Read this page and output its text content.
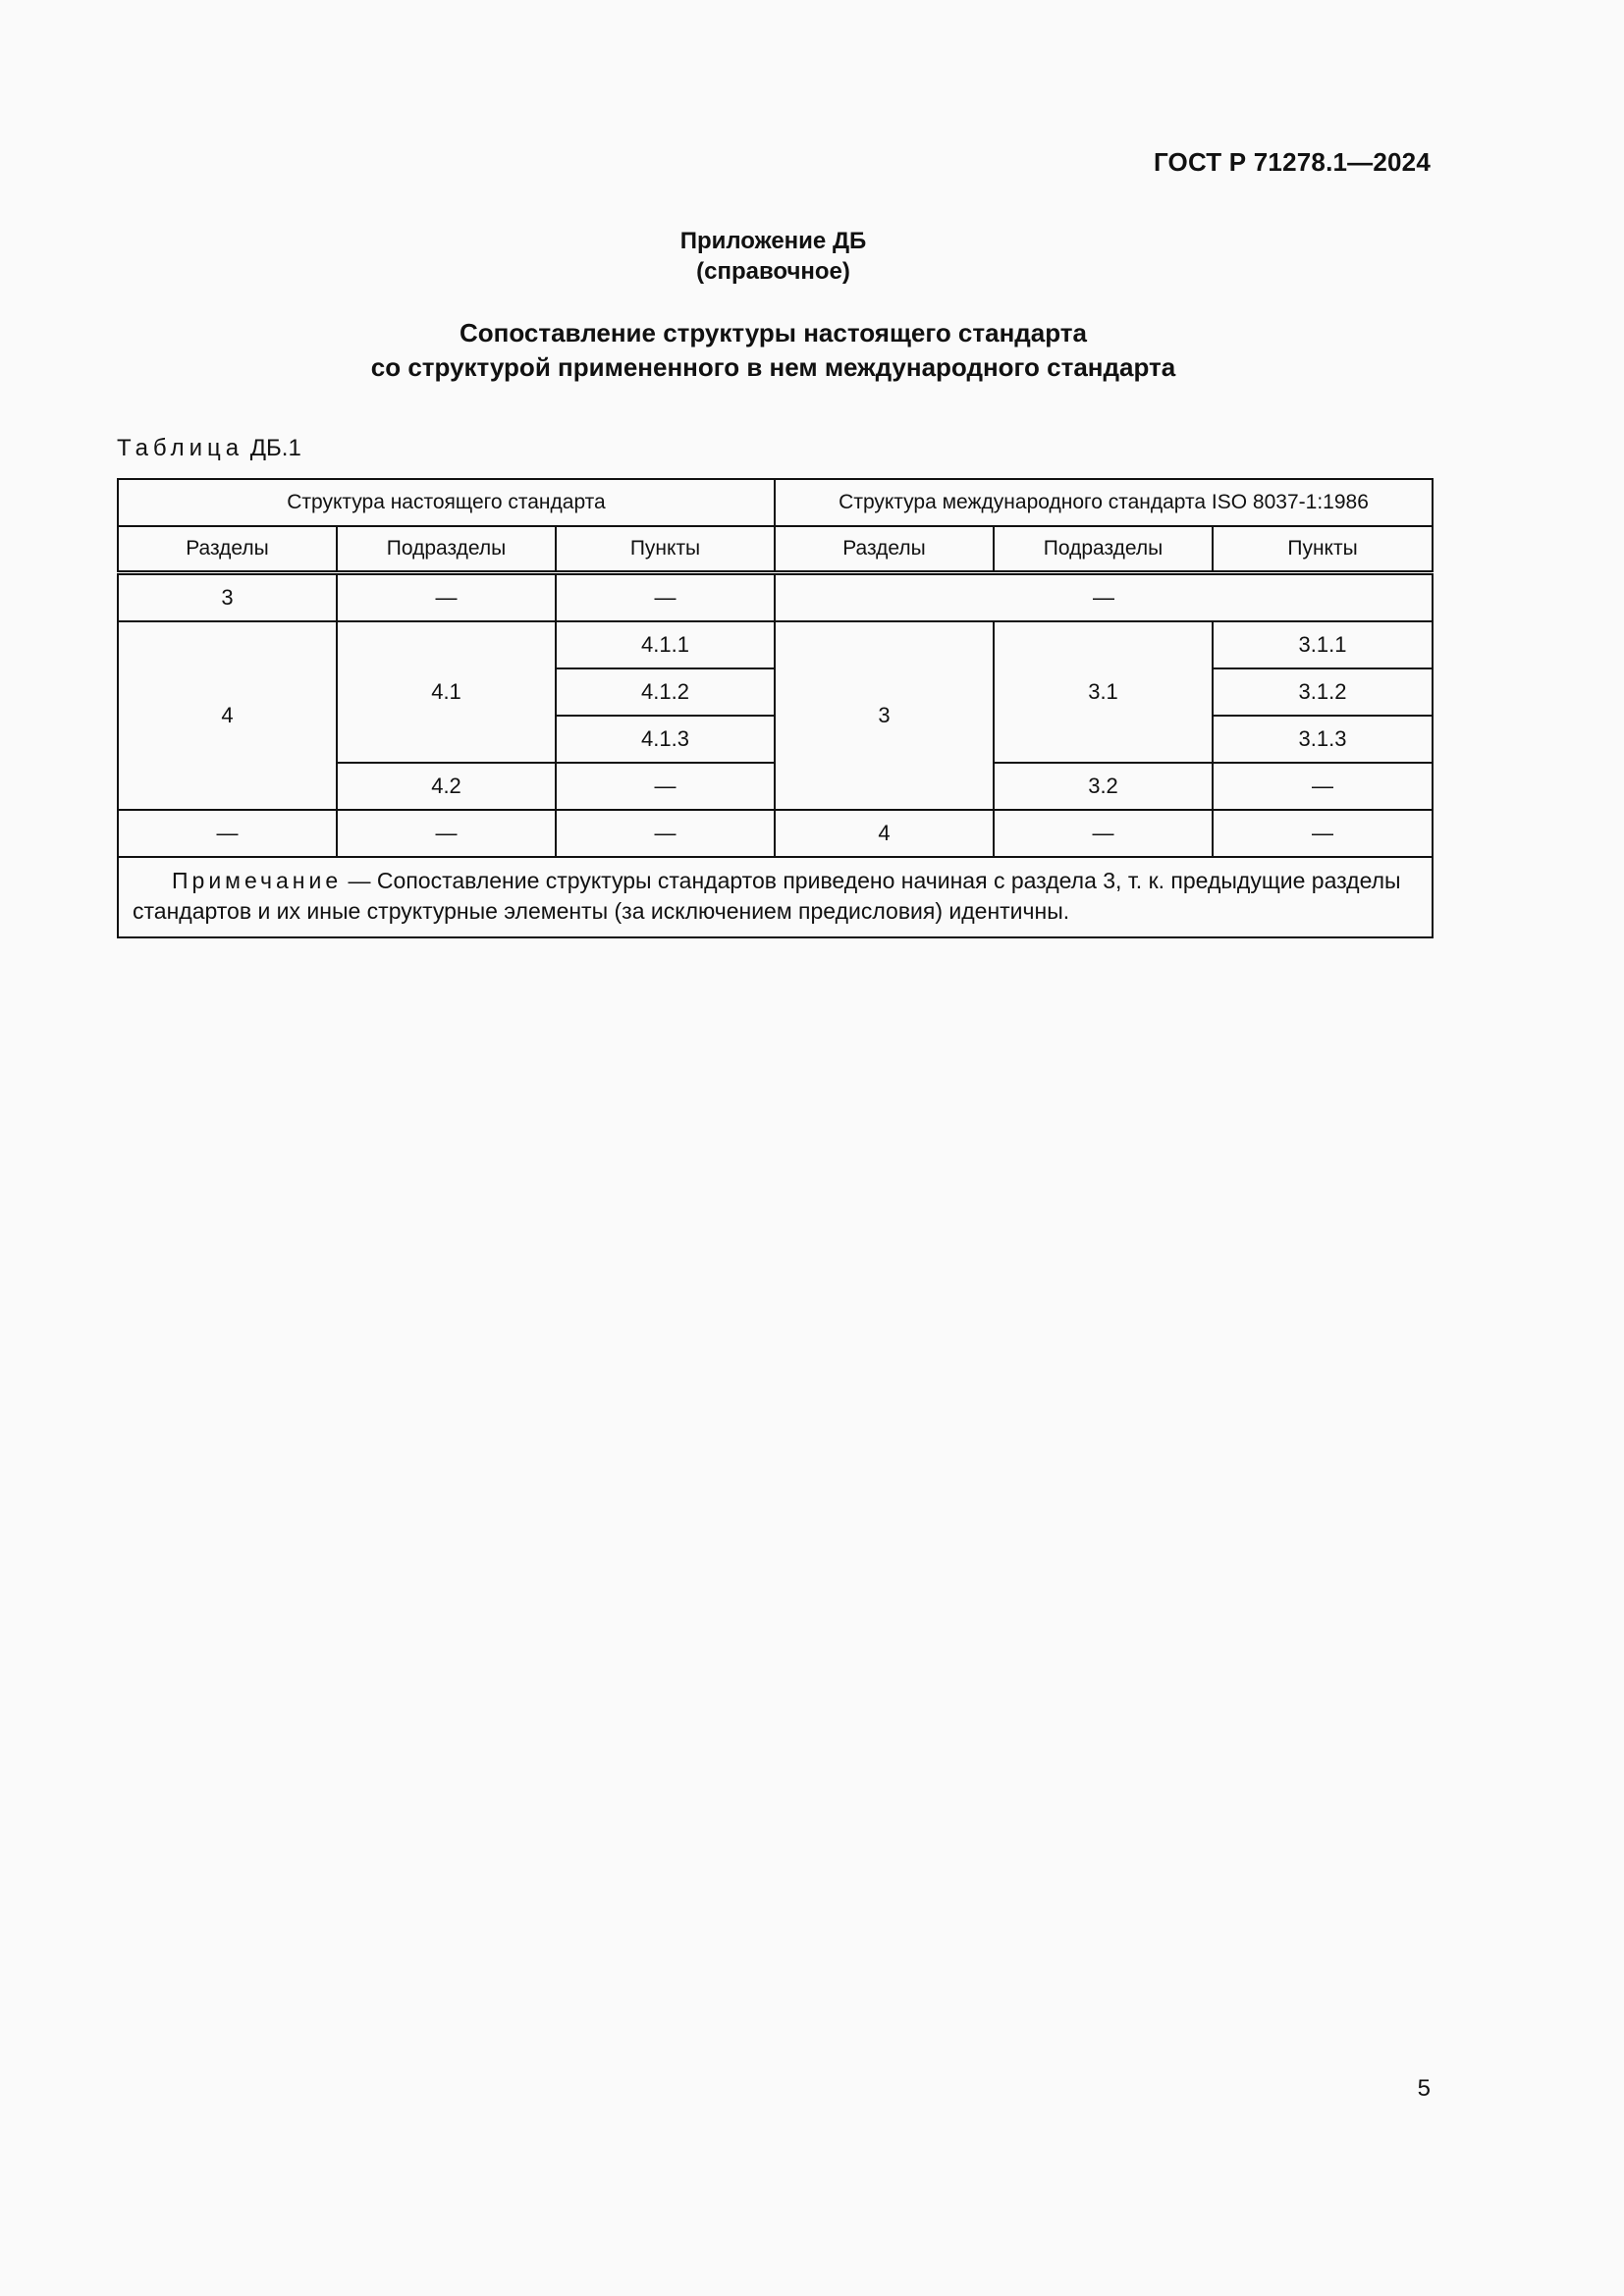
ГОСТ Р 71278.1—2024
Приложение ДБ
(справочное)
Сопоставление структуры настоящего стандарта
со структурой примененного в нем международного стандарта
Таблица ДБ.1
Структура настоящего стандарта			Структура международного стандарта ISO 8037-1:1986		
Разделы	Подразделы	Пункты	Разделы	Подразделы	Пункты
3	—	—	—		
4	4.1	4.1.1	3	3.1	3.1.1
		4.1.2			3.1.2
		4.1.3			3.1.3
	4.2	—		3.2	—
—	—	—	4	—	—
Примечание — Сопоставление структуры стандартов приведено начиная с раздела 3, т. к. предыдущие разделы стандартов и их иные структурные элементы (за исключением предисловия) идентичны.					
5
